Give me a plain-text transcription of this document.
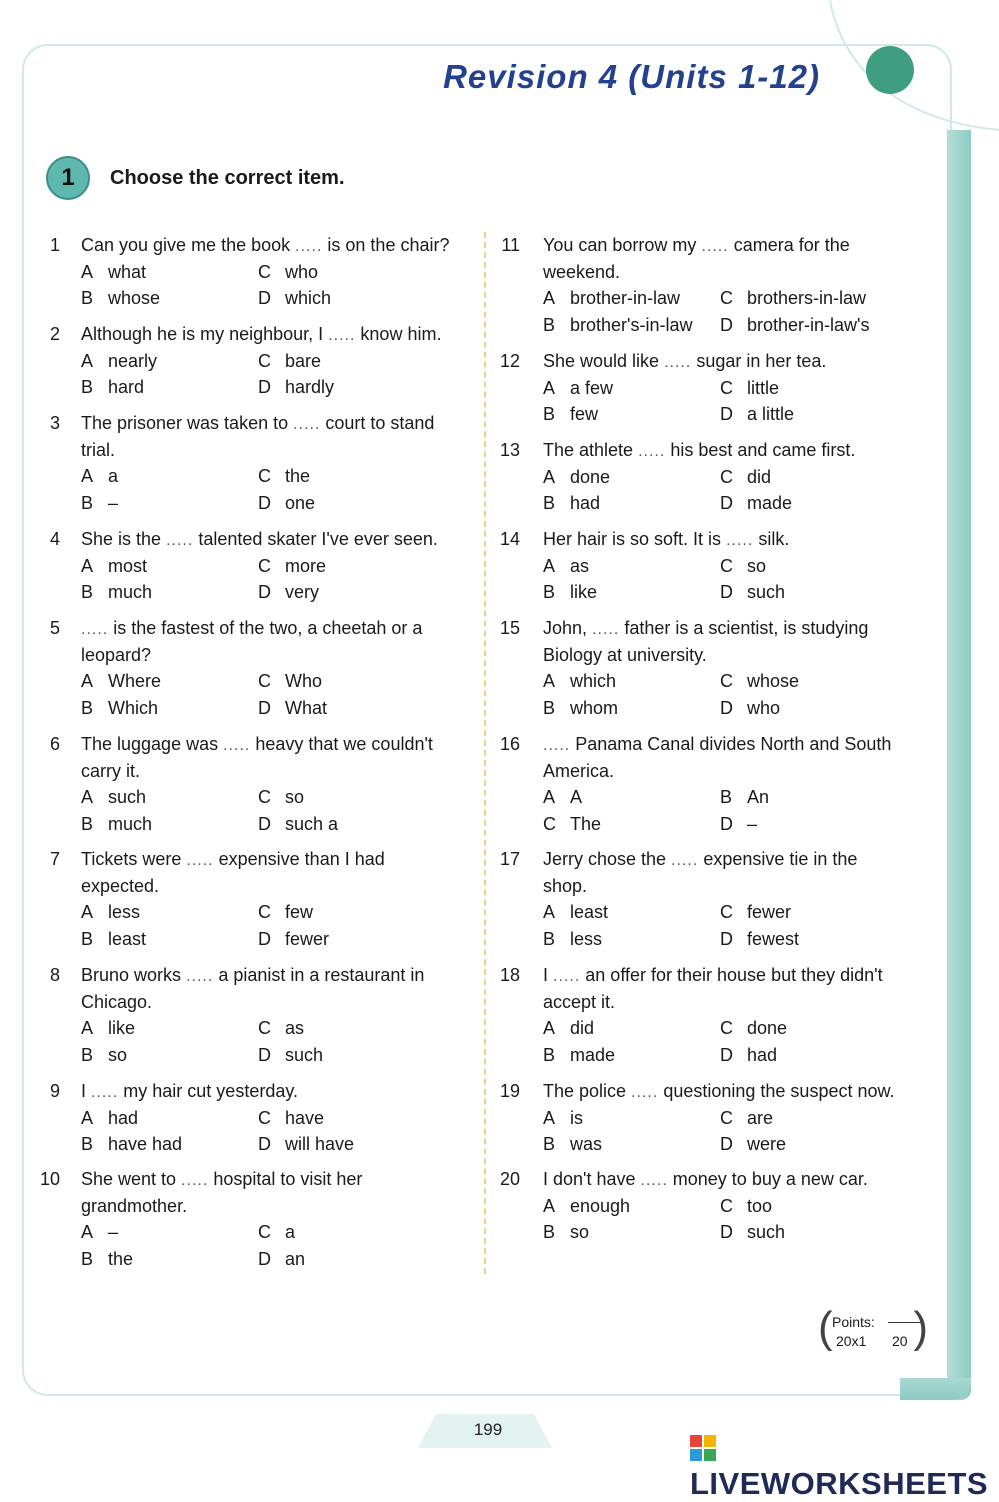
Revision 4 (Units 1-12)
1	Choose the correct item.
1 Can you give me the book ..... is on the chair?
A what	C who
B whose	D which
2 Although he is my neighbour, I ..... know him.
A nearly	C bare
B hard	D hardly
3 The prisoner was taken to ..... court to stand
trial.
A a	C the
B –	D one
4 She is the ..... talented skater I've ever seen.
A most	C more
B much	D very
5 ..... is the fastest of the two, a cheetah or a
leopard?
A Where	C Who
B Which	D What
6 The luggage was ..... heavy that we couldn't
carry it.
A such	C so
B much	D such a
7 Tickets were ..... expensive than I had
expected.
A less	C few
B least	D fewer
8 Bruno works ..... a pianist in a restaurant in
Chicago.
A like	C as
B so	D such
9 I ..... my hair cut yesterday.
A had	C have
B have had	D will have
10 She went to ..... hospital to visit her
grandmother.
A –	C a
B the	D an
11 You can borrow my ..... camera for the
weekend.
A brother-in-law C brothers-in-law
B brother's-in-law D brother-in-law's
12 She would like ..... sugar in her tea.
A a few	C little
B few	D a little
13 The athlete ..... his best and came first.
A done	C did
B had	D made
14 Her hair is so soft. It is ..... silk.
A as	C so
B like	D such
15 John, ..... father is a scientist, is studying
Biology at university.
A which	C whose
B whom	D who
16 ..... Panama Canal divides North and South
America.
A A	B An
C The	D –
17 Jerry chose the ..... expensive tie in the
shop.
A least	C fewer
B less	D fewest
18 I ..... an offer for their house but they didn't
accept it.
A did	C done
B made	D had
19 The police ..... questioning the suspect now.
A is	C are
B was	D were
20 I don't have ..... money to buy a new car.
A enough	C too
B so	D such
( Points:
20x1 20 )
199
LIVEWORKSHEETS
